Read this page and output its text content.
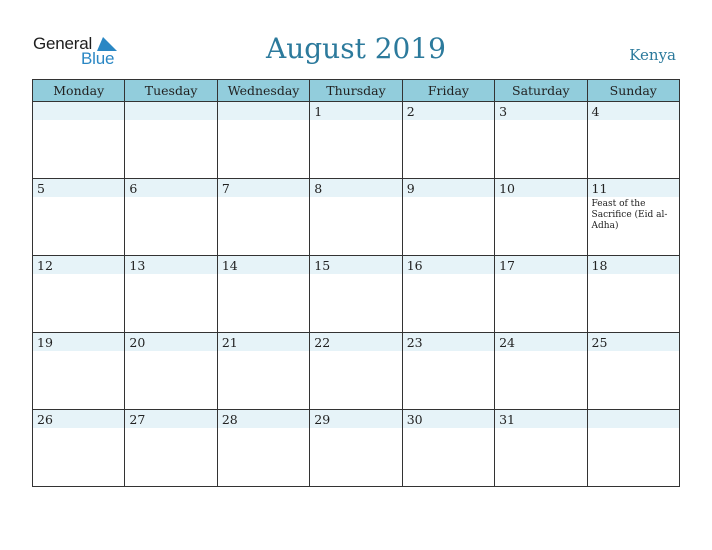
General
Blue	August 2019	Kenya
Monday	Tuesday	Wednesday	Thursday	Friday	Saturday	Sunday

			1	2	3	4

5	6	7	8	9	10	11
Feast of the Sacrifice (Eid al-Adha)

12	13	14	15	16	17	18

19	20	21	22	23	24	25

26	27	28	29	30	31	
